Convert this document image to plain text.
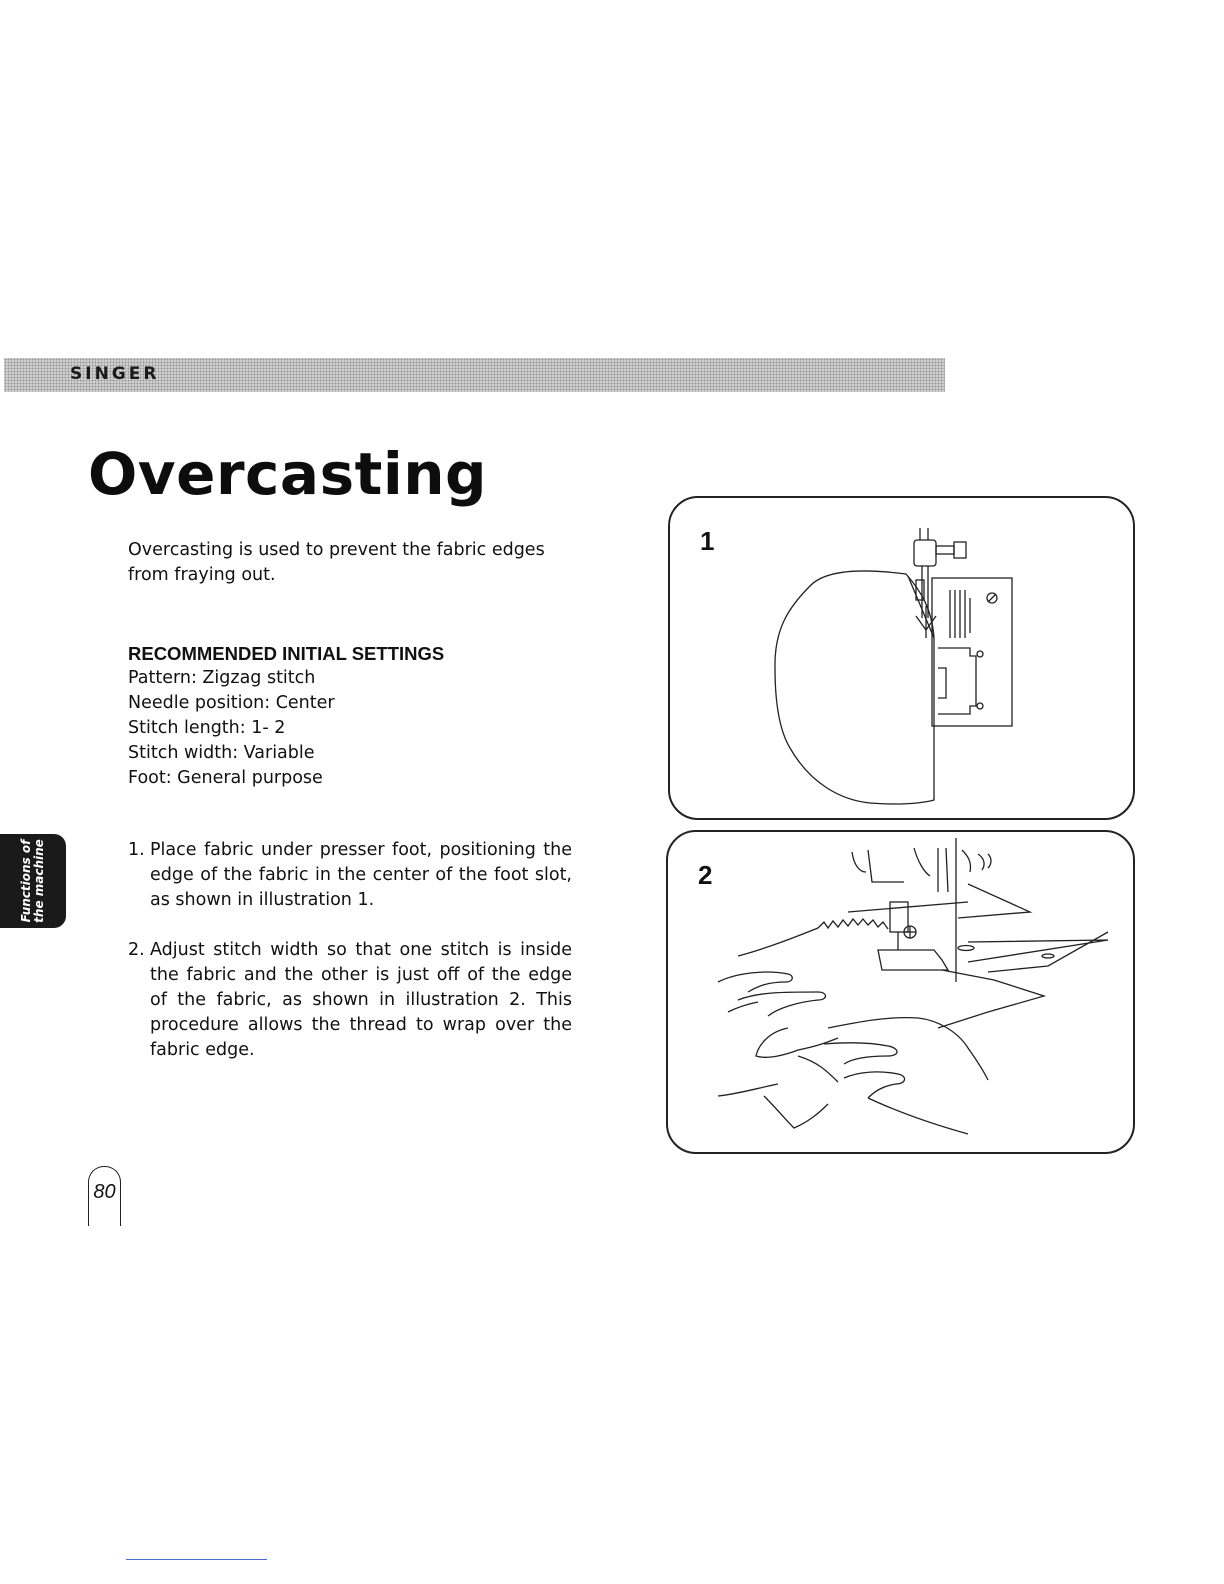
SINGER
Overcasting

Overcasting is used to prevent the fabric edges from fraying out.

RECOMMENDED INITIAL SETTINGS
Pattern: Zigzag stitch
Needle position: Center
Stitch length: 1- 2
Stitch width: Variable
Foot: General purpose
Functions of
the machine	1. Place fabric under presser foot, positioning the edge of the fabric in the center of the foot slot, as shown in illustration 1.
2. Adjust stitch width so that one stitch is inside the fabric and the other is just off of the edge of the fabric, as shown in illustration 2. This procedure allows the thread to wrap over the fabric edge.
1
2
80
